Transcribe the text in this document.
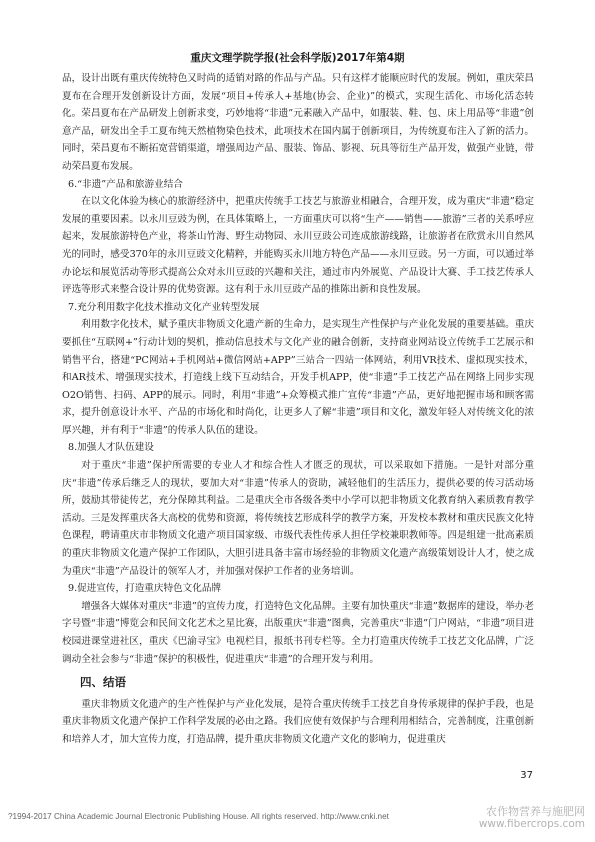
重庆文理学院学报(社会科学版)2017年第4期

品，设计出既有重庆传统特色又时尚的适销对路的作品与产品。只有这样才能顺应时代的发展。例如，重庆荣昌夏布在合理开发创新设计方面，发展“项目+传承人+基地(协会、企业)”的模式，实现生活化、市场化活态转化。荣昌夏布在产品研发上创新求变，巧妙地将“非遗”元素融入产品中，如服装、鞋、包、床上用品等“非遗”创意产品，研发出全手工夏布纯天然植物染色技术，此项技术在国内属于创新项目，为传统夏布注入了新的活力。同时，荣昌夏布不断拓宽营销渠道，增强周边产品、服装、饰品、影视、玩具等衍生产品开发，做强产业链，带动荣昌夏布发展。

6.“非遗”产品和旅游业结合

在以文化体验为核心的旅游经济中，把重庆传统手工技艺与旅游业相融合，合理开发，成为重庆“非遗”稳定发展的重要因素。以永川豆豉为例，在具体策略上，一方面重庆可以将“生产——销售——旅游”三者的关系呼应起来，发展旅游特色产业，将茶山竹海、野生动物园、永川豆豉公司连成旅游线路，让旅游者在欣赏永川自然风光的同时，感受370年的永川豆豉文化精粹，并能购买永川地方特色产品——永川豆豉。另一方面，可以通过举办论坛和展览活动等形式提高公众对永川豆豉的兴趣和关注，通过市内外展览、产品设计大赛、手工技艺传承人评选等形式来整合设计界的优势资源。这有利于永川豆豉产品的推陈出新和良性发展。

7.充分利用数字化技术推动文化产业转型发展

利用数字化技术，赋予重庆非物质文化遗产新的生命力，是实现生产性保护与产业化发展的重要基础。重庆要抓住“互联网+”行动计划的契机，推动信息技术与文化产业的融合创新，支持商业网站设立传统手工艺展示和销售平台，搭建“PC网站+手机网站+微信网站+APP”三站合一四站一体网站，利用VR技术、虚拟现实技术，和AR技术、增强现实技术，打造线上线下互动结合，开发手机APP，使“非遗”手工技艺产品在网络上同步实现O2O销售、扫码、APP的展示。同时，利用“非遗”+众筹模式推广宣传“非遗”产品，更好地把握市场和顾客需求，提升创意设计水平、产品的市场化和时尚化，让更多人了解“非遗”项目和文化，激发年轻人对传统文化的浓厚兴趣，并有利于“非遗”的传承人队伍的建设。

8.加强人才队伍建设

对于重庆“非遗”保护所需要的专业人才和综合性人才匮乏的现状，可以采取如下措施。一是针对部分重庆“非遗”传承后继乏人的现状，要加大对“非遗”传承人的资助，减轻他们的生活压力，提供必要的传习活动场所，鼓励其带徒传艺，充分保障其利益。二是重庆全市各级各类中小学可以把非物质文化教育纳入素质教育教学活动。三是发挥重庆各大高校的优势和资源，将传统技艺形成科学的教学方案，开发校本教材和重庆民族文化特色课程，聘请重庆市非物质文化遗产项目国家级、市级代表性传承人担任学校兼职教师等。四是组建一批高素质的重庆非物质文化遗产保护工作团队，大胆引进具备丰富市场经验的非物质文化遗产高级策划设计人才，使之成为重庆“非遗”产品设计的领军人才，并加强对保护工作者的业务培训。

9.促进宣传，打造重庆特色文化品牌

增强各大媒体对重庆“非遗”的宣传力度，打造特色文化品牌。主要有加快重庆“非遗”数据库的建设，举办老字号暨“非遗”博览会和民间文化艺术之星比赛，出版重庆“非遗”图典，完善重庆“非遗”门户网站，“非遗”项目进校园进课堂进社区，重庆《巴渝寻宝》电视栏目，报纸书刊专栏等。全力打造重庆传统手工技艺文化品牌，广泛调动全社会参与“非遗”保护的积极性，促进重庆“非遗”的合理开发与利用。

四、结语

重庆非物质文化遗产的生产性保护与产业化发展，是符合重庆传统手工技艺自身传承规律的保护手段，也是重庆非物质文化遗产保护工作科学发展的必由之路。我们应使有效保护与合理利用相结合，完善制度，注重创新和培养人才，加大宣传力度，打造品牌，提升重庆非物质文化遗产文化的影响力，促进重庆

37
?1994-2017 China Academic Journal Electronic Publishing House. All rights reserved. http://www.cnki.net	农作物营养与施肥网
www.fibercrops.com
